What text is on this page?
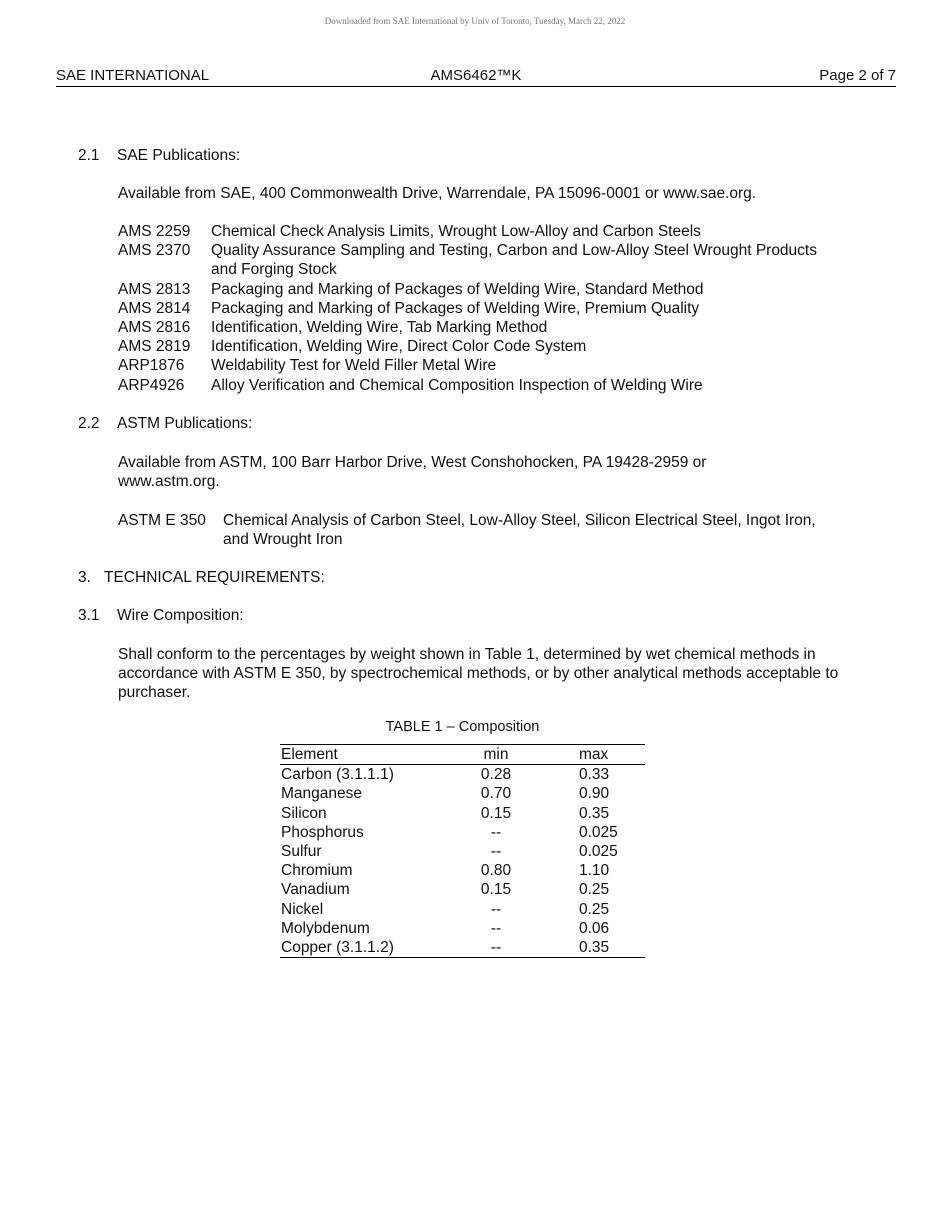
Downloaded from SAE International by Univ of Toronto, Tuesday, March 22, 2022
AMS6462™K
SAE INTERNATIONAL	Page 2 of 7
2.1 SAE Publications:
Available from SAE, 400 Commonwealth Drive, Warrendale, PA 15096-0001 or www.sae.org.
AMS 2259	Chemical Check Analysis Limits, Wrought Low-Alloy and Carbon Steels
AMS 2370	Quality Assurance Sampling and Testing, Carbon and Low-Alloy Steel Wrought Products and Forging Stock
AMS 2813	Packaging and Marking of Packages of Welding Wire, Standard Method
AMS 2814	Packaging and Marking of Packages of Welding Wire, Premium Quality
AMS 2816	Identification, Welding Wire, Tab Marking Method
AMS 2819	Identification, Welding Wire, Direct Color Code System
ARP1876	Weldability Test for Weld Filler Metal Wire
ARP4926	Alloy Verification and Chemical Composition Inspection of Welding Wire
2.2 ASTM Publications:
Available from ASTM, 100 Barr Harbor Drive, West Conshohocken, PA 19428-2959 or www.astm.org.
ASTM E 350	Chemical Analysis of Carbon Steel, Low-Alloy Steel, Silicon Electrical Steel, Ingot Iron, and Wrought Iron
3. TECHNICAL REQUIREMENTS:
3.1 Wire Composition:
Shall conform to the percentages by weight shown in Table 1, determined by wet chemical methods in accordance with ASTM E 350, by spectrochemical methods, or by other analytical methods acceptable to purchaser.
TABLE 1 – Composition
Element	min	max
Carbon (3.1.1.1)	0.28	0.33
Manganese	0.70	0.90
Silicon	0.15	0.35
Phosphorus	--	0.025
Sulfur	--	0.025
Chromium	0.80	1.10
Vanadium	0.15	0.25
Nickel	--	0.25
Molybdenum	--	0.06
Copper (3.1.1.2)	--	0.35
